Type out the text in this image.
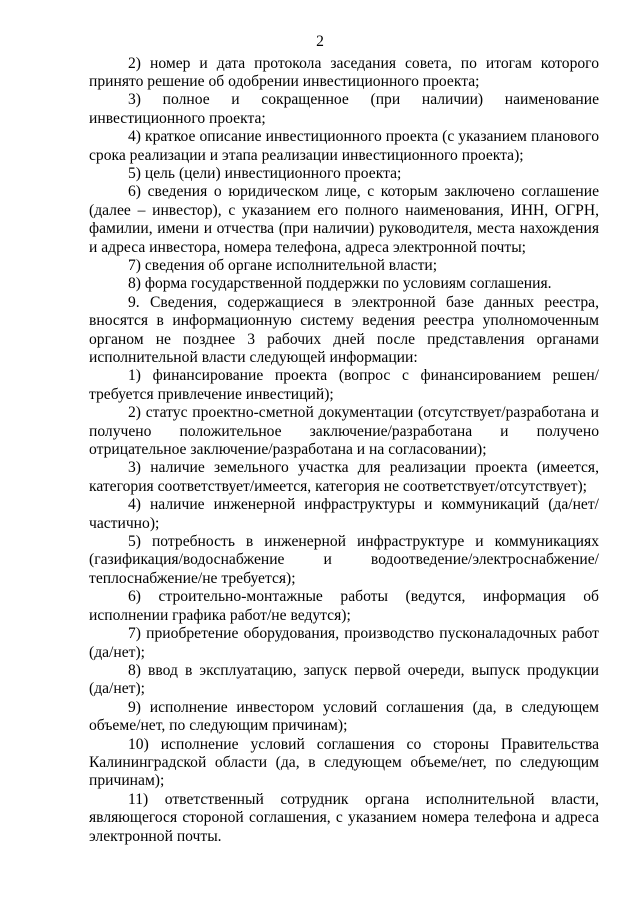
2

2) номер и дата протокола заседания совета, по итогам которого принято решение об одобрении инвестиционного проекта;

3) полное и сокращенное (при наличии) наименование инвестиционного проекта;

4) краткое описание инвестиционного проекта (с указанием планового срока реализации и этапа реализации инвестиционного проекта);

5) цель (цели) инвестиционного проекта;

6) сведения о юридическом лице, с которым заключено соглашение (далее – инвестор), с указанием его полного наименования, ИНН, ОГРН, фамилии, имени и отчества (при наличии) руководителя, места нахождения и адреса инвестора, номера телефона, адреса электронной почты;

7) сведения об органе исполнительной власти;

8) форма государственной поддержки по условиям соглашения.

9. Сведения, содержащиеся в электронной базе данных реестра, вносятся в информационную систему ведения реестра уполномоченным органом не позднее 3 рабочих дней после представления органами исполнительной власти следующей информации:

1) финансирование проекта (вопрос с финансированием решен/ требуется привлечение инвестиций);

2) статус проектно-сметной документации (отсутствует/разработана и получено положительное заключение/разработана и получено отрицательное заключение/разработана и на согласовании);

3) наличие земельного участка для реализации проекта (имеется, категория соответствует/имеется, категория не соответствует/отсутствует);

4) наличие инженерной инфраструктуры и коммуникаций (да/нет/ частично);

5) потребность в инженерной инфраструктуре и коммуникациях (газификация/водоснабжение и водоотведение/электроснабжение/ теплоснабжение/не требуется);

6) строительно-монтажные работы (ведутся, информация об исполнении графика работ/не ведутся);

7) приобретение оборудования, производство пусконаладочных работ (да/нет);

8) ввод в эксплуатацию, запуск первой очереди, выпуск продукции (да/нет);

9) исполнение инвестором условий соглашения (да, в следующем объеме/нет, по следующим причинам);

10) исполнение условий соглашения со стороны Правительства Калининградской области (да, в следующем объеме/нет, по следующим причинам);

11) ответственный сотрудник органа исполнительной власти, являющегося стороной соглашения, с указанием номера телефона и адреса электронной почты.
